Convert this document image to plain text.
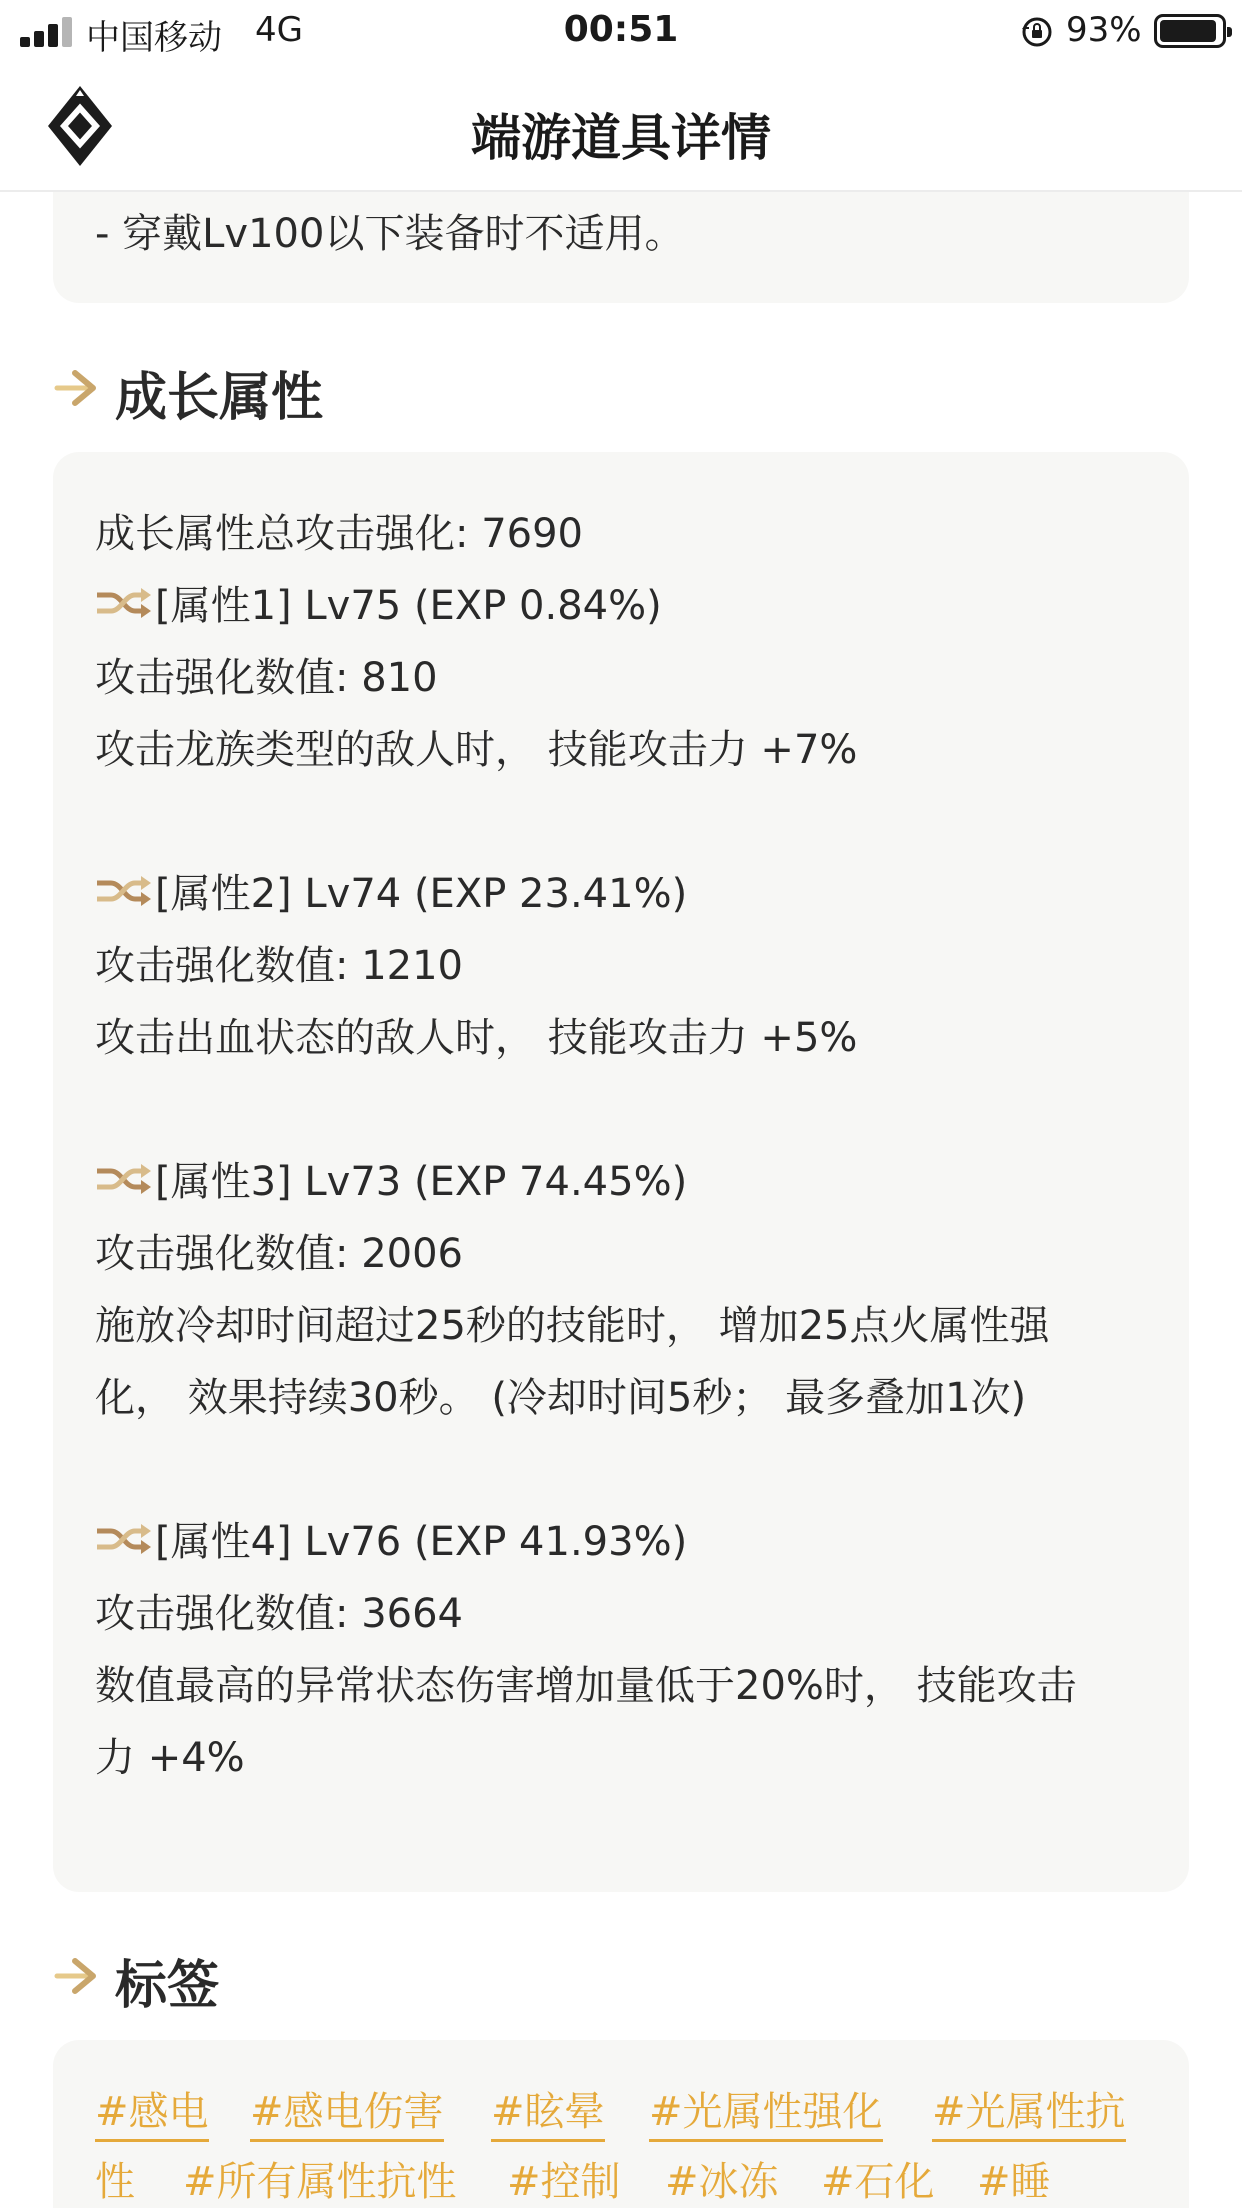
中国移动 4G	00:51	93%
端游道具详情
- 穿戴Lv100以下装备时不适用。
成长属性
成长属性总攻击强化: 7690
[属性1] Lv75 (EXP 0.84%)
攻击强化数值: 810
攻击龙族类型的敌人时， 技能攻击力 +7%
[属性2] Lv74 (EXP 23.41%)
攻击强化数值: 1210
攻击出血状态的敌人时， 技能攻击力 +5%
[属性3] Lv73 (EXP 74.45%)
攻击强化数值: 2006
施放冷却时间超过25秒的技能时， 增加25点火属性强
化， 效果持续30秒。 (冷却时间5秒； 最多叠加1次)
[属性4] Lv76 (EXP 41.93%)
攻击强化数值: 3664
数值最高的异常状态伤害增加量低于20%时， 技能攻击
力 +4%
标签
#感电 #感电伤害 #眩晕 #光属性强化 #光属性抗
性 #所有属性抗性 #控制 #冰冻 #石化 #睡
